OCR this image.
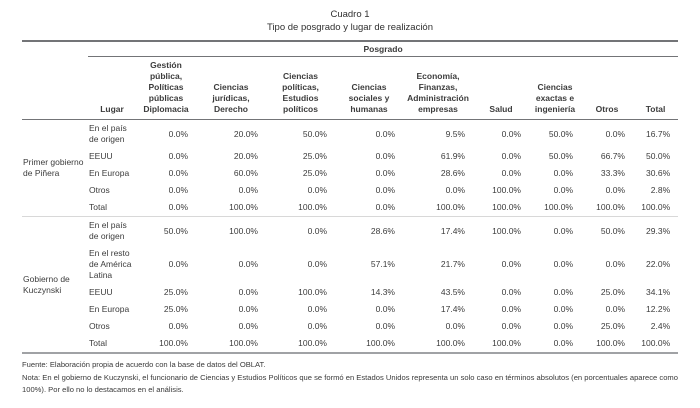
Cuadro 1
Tipo de posgrado y lugar de realización
	Posgrado									
	Lugar	Gestión pública, Políticas públicas Diplomacia	Ciencias jurídicas, Derecho	Ciencias políticas, Estudios políticos	Ciencias sociales y humanas	Economía, Finanzas, Administración empresas	Salud	Ciencias exactas e ingeniería	Otros	Total
Primer gobierno de Piñera	En el país de origen	0.0%	20.0%	50.0%	0.0%	9.5%	0.0%	50.0%	0.0%	16.7%
	EEUU	0.0%	20.0%	25.0%	0.0%	61.9%	0.0%	50.0%	66.7%	50.0%
	En Europa	0.0%	60.0%	25.0%	0.0%	28.6%	0.0%	0.0%	33.3%	30.6%
	Otros	0.0%	0.0%	0.0%	0.0%	0.0%	100.0%	0.0%	0.0%	2.8%
	Total	0.0%	100.0%	100.0%	0.0%	100.0%	100.0%	100.0%	100.0%	100.0%
Gobierno de Kuczynski	En el país de origen	50.0%	100.0%	0.0%	28.6%	17.4%	100.0%	0.0%	50.0%	29.3%
	En el resto de América Latina	0.0%	0.0%	0.0%	57.1%	21.7%	0.0%	0.0%	0.0%	22.0%
	EEUU	25.0%	0.0%	100.0%	14.3%	43.5%	0.0%	0.0%	25.0%	34.1%
	En Europa	25.0%	0.0%	0.0%	0.0%	17.4%	0.0%	0.0%	0.0%	12.2%
	Otros	0.0%	0.0%	0.0%	0.0%	0.0%	0.0%	0.0%	25.0%	2.4%
	Total	100.0%	100.0%	100.0%	100.0%	100.0%	100.0%	0.0%	100.0%	100.0%
Fuente: Elaboración propia de acuerdo con la base de datos del OBLAT.
Nota: En el gobierno de Kuczynski, el funcionario de Ciencias y Estudios Políticos que se formó en Estados Unidos representa un solo caso en términos absolutos (en porcentuales aparece como 100%). Por ello no lo destacamos en el análisis.
